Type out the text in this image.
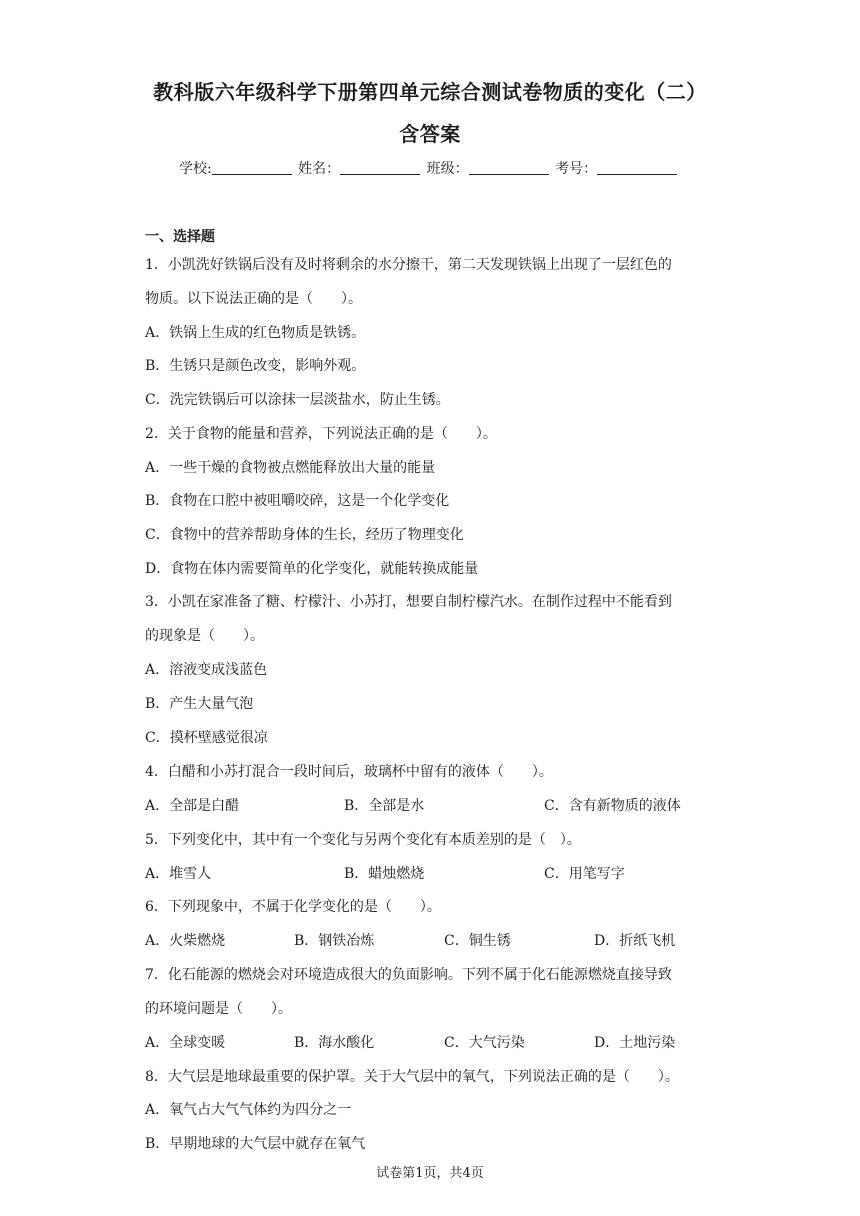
教科版六年级科学下册第四单元综合测试卷物质的变化（二）
含答案
学校:	姓名：	班级：	考号：
一、选择题
1．小凯洗好铁锅后没有及时将剩余的水分擦干，第二天发现铁锅上出现了一层红色的
物质。以下说法正确的是（　　）。
A．铁锅上生成的红色物质是铁锈。
B．生锈只是颜色改变，影响外观。
C．洗完铁锅后可以涂抹一层淡盐水，防止生锈。
2．关于食物的能量和营养，下列说法正确的是（　　）。
A．一些干燥的食物被点燃能释放出大量的能量
B．食物在口腔中被咀嚼咬碎，这是一个化学变化
C．食物中的营养帮助身体的生长，经历了物理变化
D．食物在体内需要简单的化学变化，就能转换成能量
3．小凯在家准备了糖、柠檬汁、小苏打，想要自制柠檬汽水。在制作过程中不能看到
的现象是（　　）。
A．溶液变成浅蓝色
B．产生大量气泡
C．摸杯壁感觉很凉
4．白醋和小苏打混合一段时间后，玻璃杯中留有的液体（　　）。
A．全部是白醋	B．全部是水	C．含有新物质的液体
5．下列变化中，其中有一个变化与另两个变化有本质差别的是（　）。
A．堆雪人	B．蜡烛燃烧	C．用笔写字
6．下列现象中，不属于化学变化的是（　　）。
A．火柴燃烧	B．钢铁冶炼	C．铜生锈	D．折纸飞机
7．化石能源的燃烧会对环境造成很大的负面影响。下列不属于化石能源燃烧直接导致
的环境问题是（　　）。
A．全球变暖	B．海水酸化	C．大气污染	D．土地污染
8．大气层是地球最重要的保护罩。关于大气层中的氧气，下列说法正确的是（　　）。
A．氧气占大气气体约为四分之一
B．早期地球的大气层中就存在氧气
试卷第1页，共4页
